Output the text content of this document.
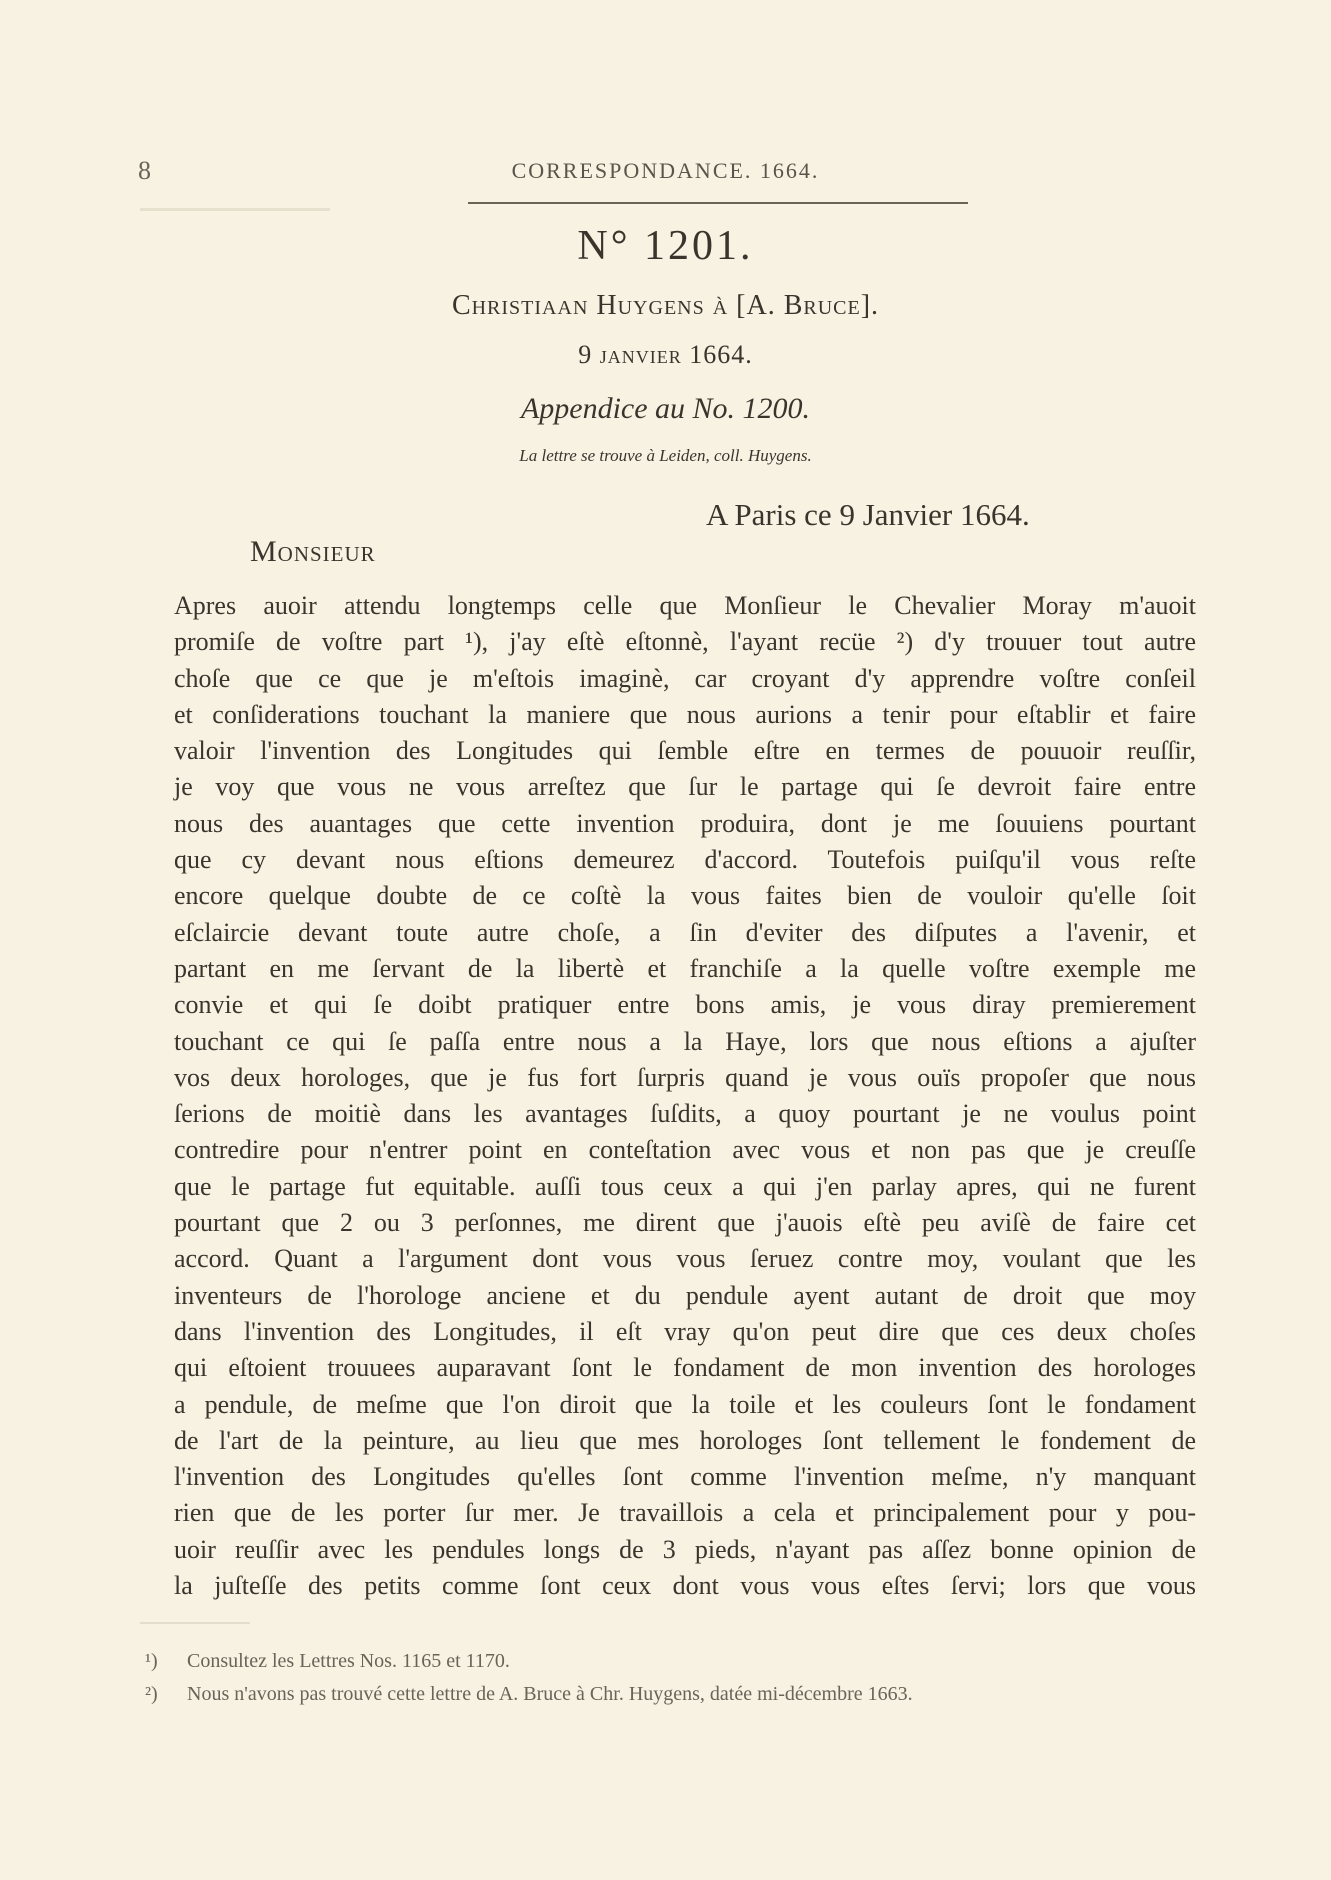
8	CORRESPONDANCE. 1664.
N° 1201.
Christiaan Huygens à [A. Bruce].
9 janvier 1664.
Appendice au No. 1200.
La lettre se trouve à Leiden, coll. Huygens.
A Paris ce 9 Janvier 1664.
Monsieur
Apres auoir attendu longtemps celle que Monſieur le Chevalier Moray m'auoit
promiſe de voſtre part ¹), j'ay eſtè eſtonnè, l'ayant recüe ²) d'y trouuer tout autre
choſe que ce que je m'eſtois imaginè, car croyant d'y apprendre voſtre conſeil
et conſiderations touchant la maniere que nous aurions a tenir pour eſtablir et faire
valoir l'invention des Longitudes qui ſemble eſtre en termes de pouuoir reuſſir,
je voy que vous ne vous arreſtez que ſur le partage qui ſe devroit faire entre
nous des auantages que cette invention produira, dont je me ſouuiens pourtant
que cy devant nous eſtions demeurez d'accord. Toutefois puiſqu'il vous reſte
encore quelque doubte de ce coſtè la vous faites bien de vouloir qu'elle ſoit
eſclaircie devant toute autre choſe, a ſin d'eviter des diſputes a l'avenir, et
partant en me ſervant de la libertè et franchiſe a la quelle voſtre exemple me
convie et qui ſe doibt pratiquer entre bons amis, je vous diray premierement
touchant ce qui ſe paſſa entre nous a la Haye, lors que nous eſtions a ajuſter
vos deux horologes, que je fus fort ſurpris quand je vous ouïs propoſer que nous
ſerions de moitiè dans les avantages ſuſdits, a quoy pourtant je ne voulus point
contredire pour n'entrer point en conteſtation avec vous et non pas que je creuſſe
que le partage fut equitable. auſſi tous ceux a qui j'en parlay apres, qui ne furent
pourtant que 2 ou 3 perſonnes, me dirent que j'auois eſtè peu aviſè de faire cet
accord. Quant a l'argument dont vous vous ſeruez contre moy, voulant que les
inventeurs de l'horologe anciene et du pendule ayent autant de droit que moy
dans l'invention des Longitudes, il eſt vray qu'on peut dire que ces deux choſes
qui eſtoient trouuees auparavant ſont le fondament de mon invention des horologes
a pendule, de meſme que l'on diroit que la toile et les couleurs ſont le fondament
de l'art de la peinture, au lieu que mes horologes ſont tellement le fondement de
l'invention des Longitudes qu'elles ſont comme l'invention meſme, n'y manquant
rien que de les porter ſur mer. Je travaillois a cela et principalement pour y pou-
uoir reuſſir avec les pendules longs de 3 pieds, n'ayant pas aſſez bonne opinion de
la juſteſſe des petits comme ſont ceux dont vous vous eſtes ſervi; lors que vous
¹) Consultez les Lettres Nos. 1165 et 1170.
²) Nous n'avons pas trouvé cette lettre de A. Bruce à Chr. Huygens, datée mi-décembre 1663.
